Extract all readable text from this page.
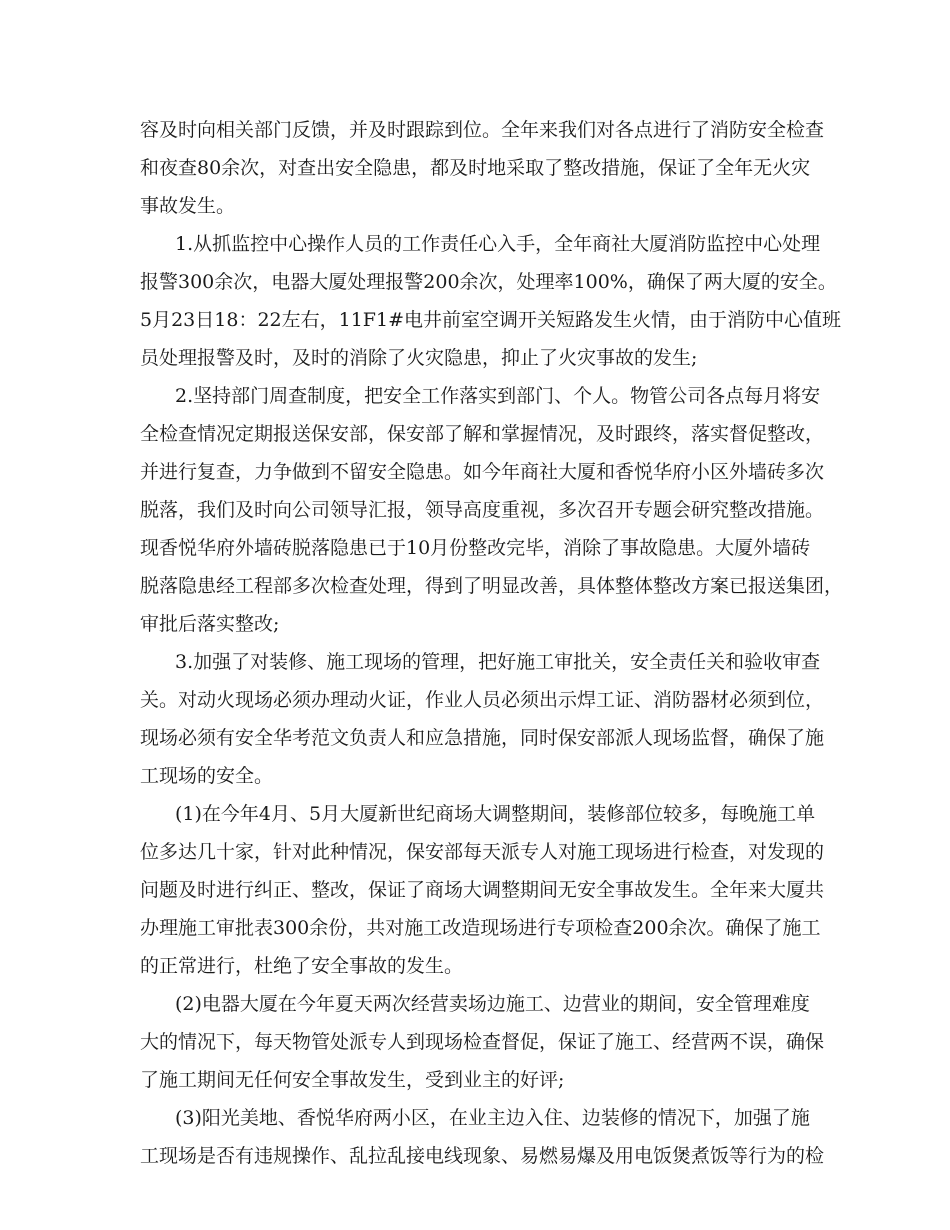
容及时向相关部门反馈，并及时跟踪到位。全年来我们对各点进行了消防安全检查
和夜查80余次，对查出安全隐患，都及时地采取了整改措施，保证了全年无火灾
事故发生。
1.从抓监控中心操作人员的工作责任心入手，全年商社大厦消防监控中心处理
报警300余次，电器大厦处理报警200余次，处理率100%，确保了两大厦的安全。
5月23日18：22左右，11F1#电井前室空调开关短路发生火情，由于消防中心值班
员处理报警及时，及时的消除了火灾隐患，抑止了火灾事故的发生;
2.坚持部门周查制度，把安全工作落实到部门、个人。物管公司各点每月将安
全检查情况定期报送保安部，保安部了解和掌握情况，及时跟终，落实督促整改，
并进行复查，力争做到不留安全隐患。如今年商社大厦和香悦华府小区外墙砖多次
脱落，我们及时向公司领导汇报，领导高度重视，多次召开专题会研究整改措施。
现香悦华府外墙砖脱落隐患已于10月份整改完毕，消除了事故隐患。大厦外墙砖
脱落隐患经工程部多次检查处理，得到了明显改善，具体整体整改方案已报送集团，
审批后落实整改;
3.加强了对装修、施工现场的管理，把好施工审批关，安全责任关和验收审查
关。对动火现场必须办理动火证，作业人员必须出示焊工证、消防器材必须到位，
现场必须有安全华考范文负责人和应急措施，同时保安部派人现场监督，确保了施
工现场的安全。
(1)在今年4月、5月大厦新世纪商场大调整期间，装修部位较多，每晚施工单
位多达几十家，针对此种情况，保安部每天派专人对施工现场进行检查，对发现的
问题及时进行纠正、整改，保证了商场大调整期间无安全事故发生。全年来大厦共
办理施工审批表300余份，共对施工改造现场进行专项检查200余次。确保了施工
的正常进行，杜绝了安全事故的发生。
(2)电器大厦在今年夏天两次经营卖场边施工、边营业的期间，安全管理难度
大的情况下，每天物管处派专人到现场检查督促，保证了施工、经营两不误，确保
了施工期间无任何安全事故发生，受到业主的好评;
(3)阳光美地、香悦华府两小区，在业主边入住、边装修的情况下，加强了施
工现场是否有违规操作、乱拉乱接电线现象、易燃易爆及用电饭煲煮饭等行为的检
